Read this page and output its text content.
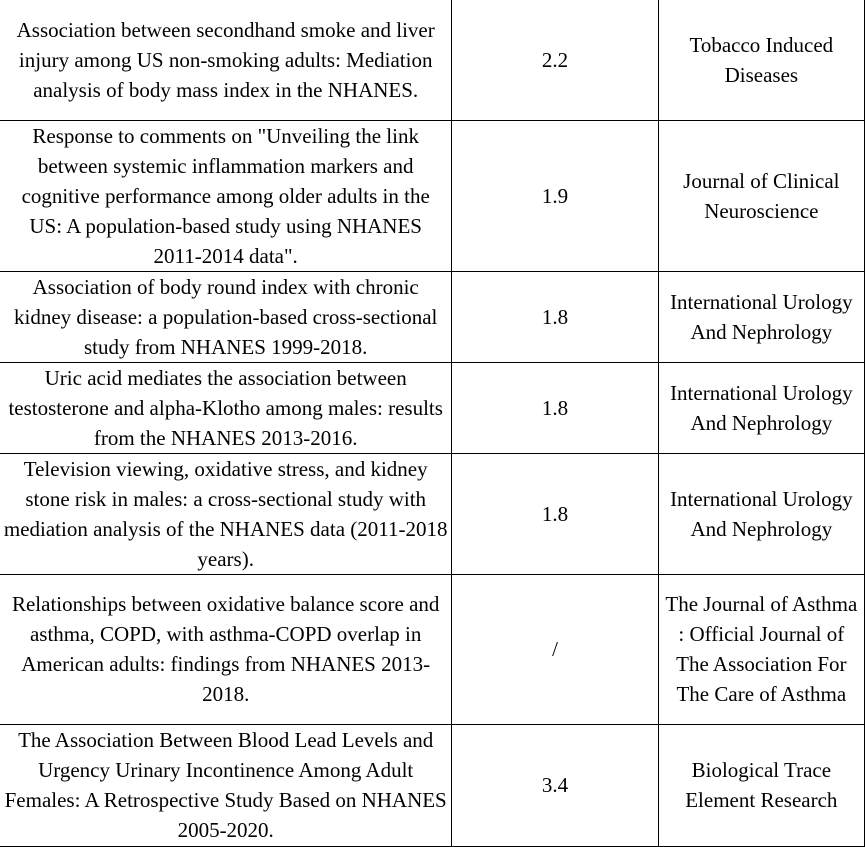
Association between secondhand smoke and liver injury among US non-smoking adults: Mediation analysis of body mass index in the NHANES.	2.2	Tobacco Induced Diseases
Response to comments on "Unveiling the link between systemic inflammation markers and cognitive performance among older adults in the US: A population-based study using NHANES 2011-2014 data".	1.9	Journal of Clinical Neuroscience
Association of body round index with chronic kidney disease: a population-based cross-sectional study from NHANES 1999-2018.	1.8	International Urology And Nephrology
Uric acid mediates the association between testosterone and alpha-Klotho among males: results from the NHANES 2013-2016.	1.8	International Urology And Nephrology
Television viewing, oxidative stress, and kidney stone risk in males: a cross-sectional study with mediation analysis of the NHANES data (2011-2018 years).	1.8	International Urology And Nephrology
Relationships between oxidative balance score and asthma, COPD, with asthma-COPD overlap in American adults: findings from NHANES 2013-2018.	/	The Journal of Asthma : Official Journal of The Association For The Care of Asthma
The Association Between Blood Lead Levels and Urgency Urinary Incontinence Among Adult Females: A Retrospective Study Based on NHANES 2005-2020.	3.4	Biological Trace Element Research
